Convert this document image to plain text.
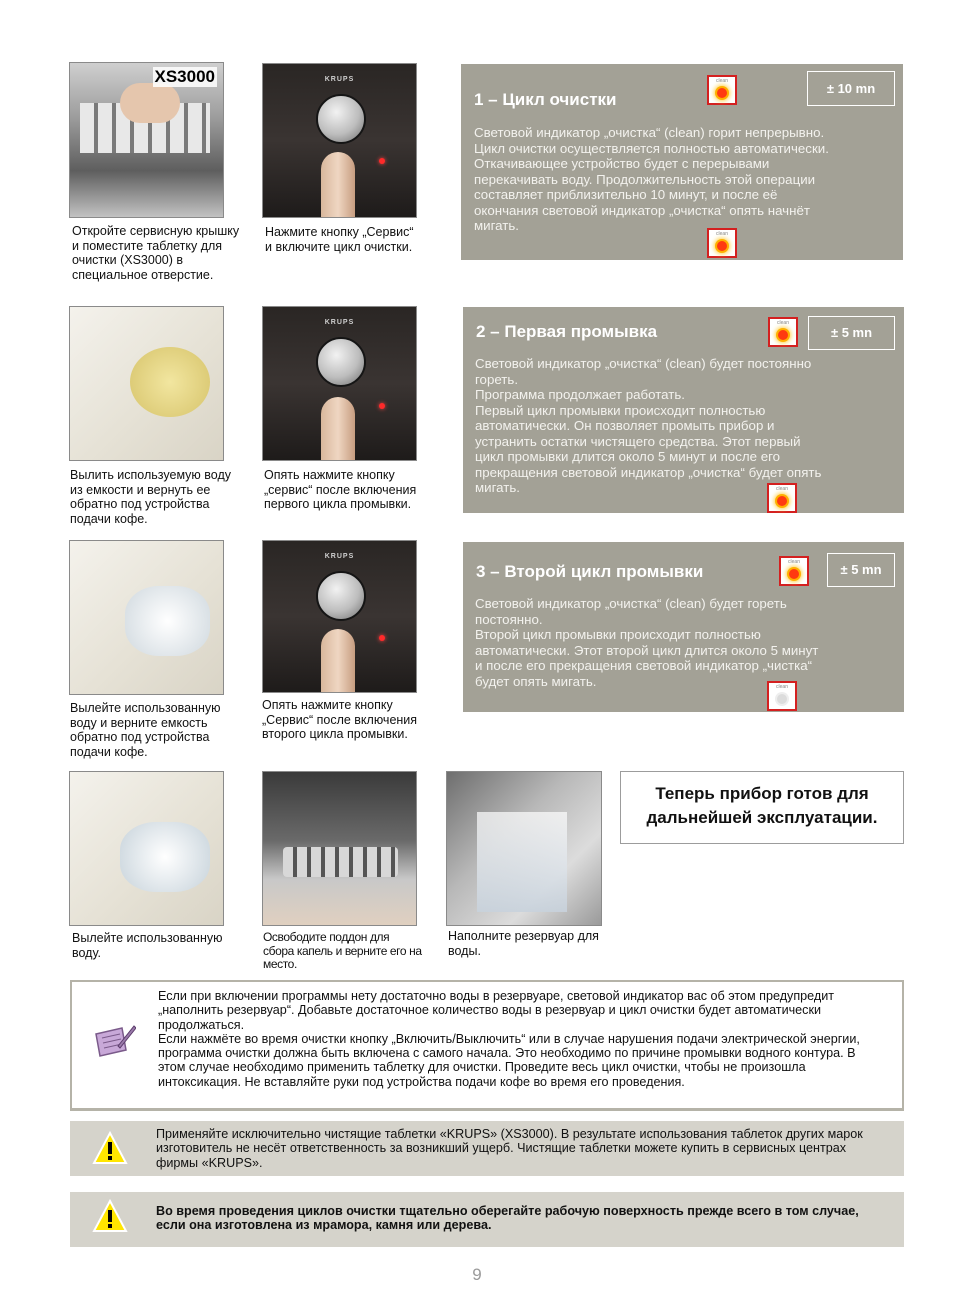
XS3000

Откройте сервисную крышку и поместите таблетку для очистки (XS3000) в специальное отверстие.

KRUPS

Нажмите кнопку „Сервис“ и включите цикл очистки.

1 – Цикл очистки
clean	± 10 mn

Световой индикатор „очистка“ (clean) горит непрерывно.
Цикл очистки осуществляется полностью автоматически.
Откачивающее устройство будет с перерывами
перекачивать воду. Продолжительность этой операции
составляет приблизительно 10 минут, и после её
окончания световой индикатор „очистка“ опять начнёт
мигать.

clean

Вылить используемую воду из емкости и вернуть ее обратно под устройства подачи кофе.

KRUPS

Опять нажмите кнопку „сервис“ после включения первого цикла промывки.

2 – Первая промывка	clean
± 5 mn

Световой индикатор „очистка“ (clean) будет постоянно
гореть.
Программа продолжает работать.
Первый цикл промывки происходит полностью
автоматически. Он позволяет промыть прибор и
устранить остатки чистящего средства. Этот первый
цикл промывки длится около 5 минут и после его
прекращения световой индикатор „очистка“ будет опять
мигать.	clean

Вылейте использованную воду и верните емкость обратно под устройства подачи кофе.

KRUPS

Опять нажмите кнопку „Сервис“ после включения второго цикла промывки.

3 – Второй цикл промывки	clean	± 5 mn

Световой индикатор „очистка“ (clean) будет гореть
постоянно.
Второй цикл промывки происходит полностью
автоматически. Этот второй цикл длится около 5 минут
и после его прекращения световой индикатор „чистка“
будет опять мигать.	clean

Вылейте использованную воду.

Освободите поддон для сбора капель и верните его на место.

Наполните резервуар для воды.

Теперь прибор готов для дальнейшей эксплуатации.

Если при включении программы нету достаточно воды в резервуаре, световой индикатор вас об этом предупредит „наполнить резервуар“. Добавьте достаточное количество воды в резервуар и цикл очистки будет автоматически продолжаться.
Если нажмёте во время очистки кнопку „Включить/Выключить“ или в случае нарушения подачи электрической энергии, программа очистки должна быть включена с самого начала. Это необходимо по причине промывки водного контура. В этом случае необходимо применить таблетку для очистки. Проведите весь цикл очистки, чтобы не произошла интоксикация. Не вставляйте руки под устройства подачи кофе во время его проведения.

Применяйте исключительно чистящие таблетки «KRUPS» (XS3000). В результате использования таблеток других марок изготовитель не несёт ответственность за возникший ущерб. Чистящие таблетки можете купить в сервисных центрах фирмы «KRUPS».

Во время проведения циклов очистки тщательно оберегайте рабочую поверхность прежде всего в том случае, если она изготовлена из мрамора, камня или дерева.

9
